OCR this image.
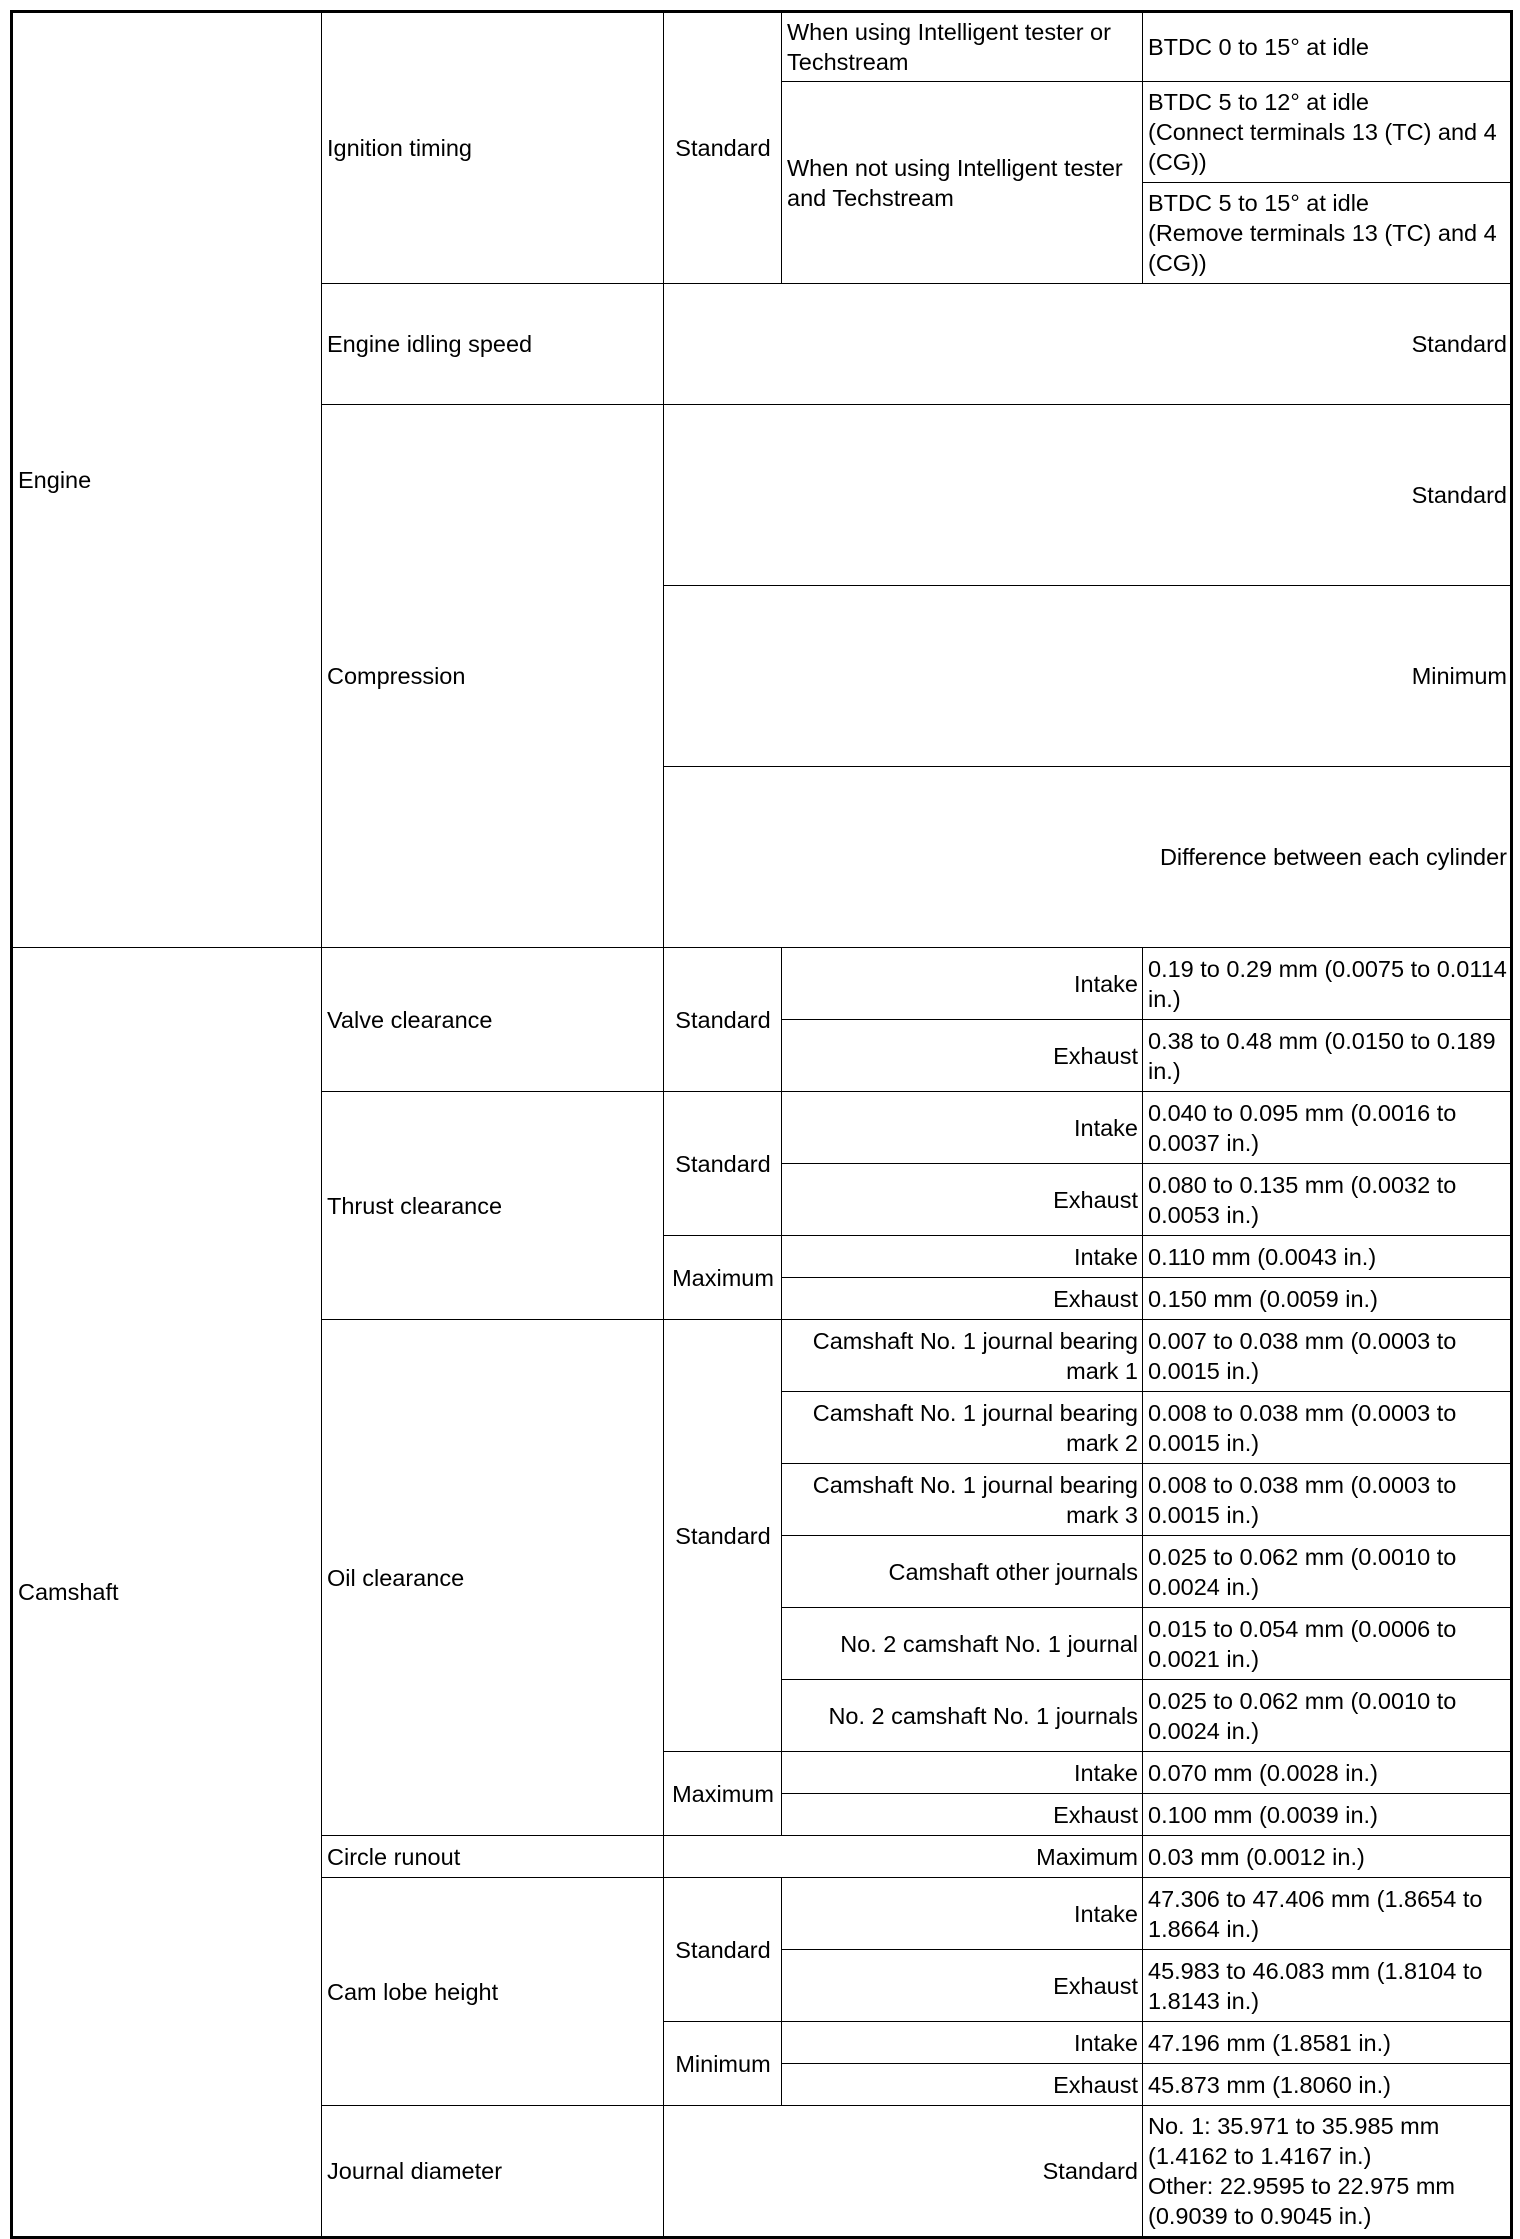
Engine	Ignition timing	Standard	When using Intelligent tester or Techstream	BTDC 0 to 15° at idle	
			When not using Intelligent tester and Techstream	BTDC 5 to 12° at idle
(Connect terminals 13 (TC) and 4 (CG))	

				BTDC 5 to 15° at idle
(Remove terminals 13 (TC) and 4 (CG))	

	Engine idling speed	Standard	
	Compression	Standard	
		Minimum	
		Difference between each cylinder	

Camshaft	Valve clearance	Standard	Intake	0.19 to 0.29 mm (0.0075 to 0.0114 in.)	
			Exhaust	0.38 to 0.48 mm (0.0150 to 0.189 in.)	
	Thrust clearance	Standard	Intake	0.040 to 0.095 mm (0.0016 to 0.0037 in.)	
			Exhaust	0.080 to 0.135 mm (0.0032 to 0.0053 in.)	
		Maximum	Intake	0.110 mm (0.0043 in.)	
			Exhaust	0.150 mm (0.0059 in.)	
	Oil clearance	Standard	Camshaft No. 1 journal bearing mark 1	0.007 to 0.038 mm (0.0003 to 0.0015 in.)	
			Camshaft No. 1 journal bearing mark 2	0.008 to 0.038 mm (0.0003 to 0.0015 in.)	
			Camshaft No. 1 journal bearing mark 3	0.008 to 0.038 mm (0.0003 to 0.0015 in.)	
			Camshaft other journals	0.025 to 0.062 mm (0.0010 to 0.0024 in.)	
			No. 2 camshaft No. 1 journal	0.015 to 0.054 mm (0.0006 to 0.0021 in.)	
			No. 2 camshaft No. 1 journals	0.025 to 0.062 mm (0.0010 to 0.0024 in.)	
		Maximum	Intake	0.070 mm (0.0028 in.)	
			Exhaust	0.100 mm (0.0039 in.)	
	Circle runout	Maximum		0.03 mm (0.0012 in.)	
	Cam lobe height	Standard	Intake	47.306 to 47.406 mm (1.8654 to 1.8664 in.)	
			Exhaust	45.983 to 46.083 mm (1.8104 to 1.8143 in.)	
		Minimum	Intake	47.196 mm (1.8581 in.)	
			Exhaust	45.873 mm (1.8060 in.)	
	Journal diameter	Standard		No. 1: 35.971 to 35.985 mm (1.4162 to 1.4167 in.)
Other: 22.9595 to 22.975 mm (0.9039 to 0.9045 in.)	
